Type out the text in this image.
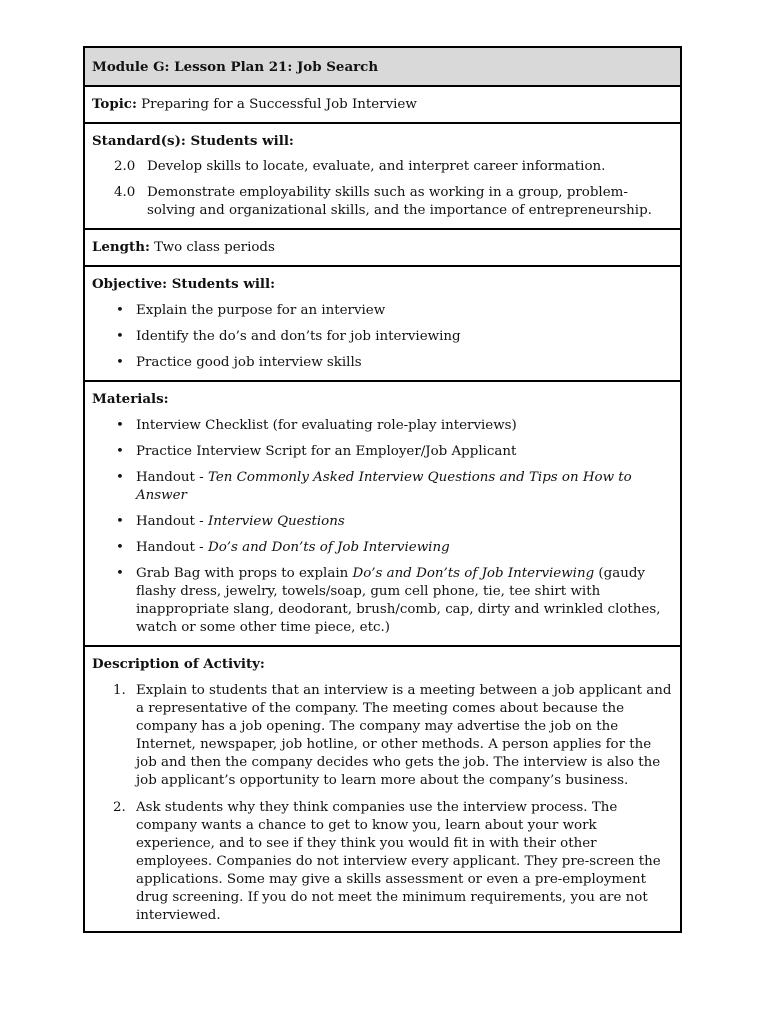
Module G: Lesson Plan 21: Job Search
Topic: Preparing for a Successful Job Interview
Standard(s): Students will:
2.0 Develop skills to locate, evaluate, and interpret career information.
4.0 Demonstrate employability skills such as working in a group, problem-solving and organizational skills, and the importance of entrepreneurship.
Length: Two class periods
Objective: Students will:
• Explain the purpose for an interview
• Identify the do’s and don’ts for job interviewing
• Practice good job interview skills
Materials:
• Interview Checklist (for evaluating role-play interviews)
• Practice Interview Script for an Employer/Job Applicant
• Handout - Ten Commonly Asked Interview Questions and Tips on How to Answer
• Handout - Interview Questions
• Handout - Do’s and Don’ts of Job Interviewing
• Grab Bag with props to explain Do’s and Don’ts of Job Interviewing (gaudy flashy dress, jewelry, towels/soap, gum cell phone, tie, tee shirt with inappropriate slang, deodorant, brush/comb, cap, dirty and wrinkled clothes, watch or some other time piece, etc.)
Description of Activity:
1. Explain to students that an interview is a meeting between a job applicant and a representative of the company. The meeting comes about because the company has a job opening. The company may advertise the job on the Internet, newspaper, job hotline, or other methods. A person applies for the job and then the company decides who gets the job. The interview is also the job applicant’s opportunity to learn more about the company’s business.
2. Ask students why they think companies use the interview process. The company wants a chance to get to know you, learn about your work experience, and to see if they think you would fit in with their other employees. Companies do not interview every applicant. They pre-screen the applications. Some may give a skills assessment or even a pre-employment drug screening. If you do not meet the minimum requirements, you are not interviewed.
